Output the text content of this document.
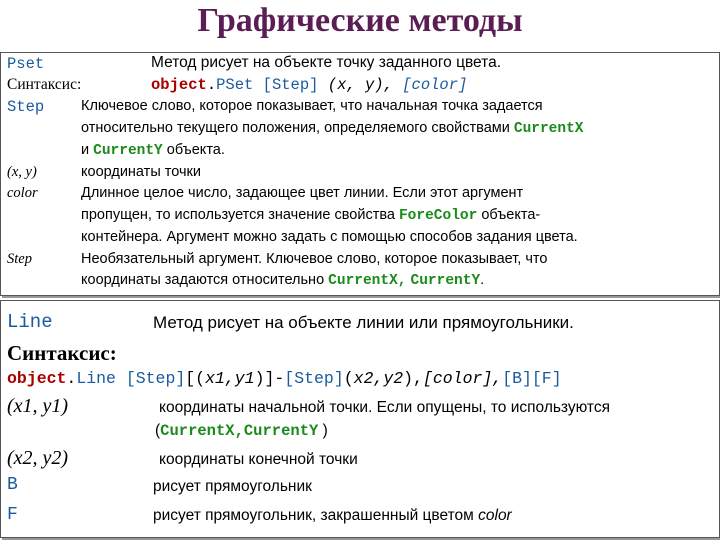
Графические методы
Pset	Метод рисует на объекте точку заданного цвета.
Синтаксис:	object.PSet [Step] (x, y), [color]
Step	Ключевое слово, которое показывает, что начальная точка задается
относительно текущего положения, определяемого свойствами CurrentX
и CurrentY объекта.
(x, y)	координаты точки
color	Длинное целое число, задающее цвет линии. Если этот аргумент
пропущен, то используется значение свойства ForeColor объекта-
контейнера. Аргумент можно задать с помощью способов задания цвета.
Step	Необязательный аргумент. Ключевое слово, которое показывает, что
координаты задаются относительно CurrentX, CurrentY.
Line	Метод рисует на объекте линии или прямоугольники.
Синтаксис:
object.Line [Step][(x1,y1)]-[Step](x2,y2),[color],[B][F]
(x1, y1)	координаты начальной точки. Если опущены, то используются
(CurrentX,CurrentY )
(x2, y2)	координаты конечной точки
B	рисует прямоугольник
F	рисует прямоугольник, закрашенный цветом color
